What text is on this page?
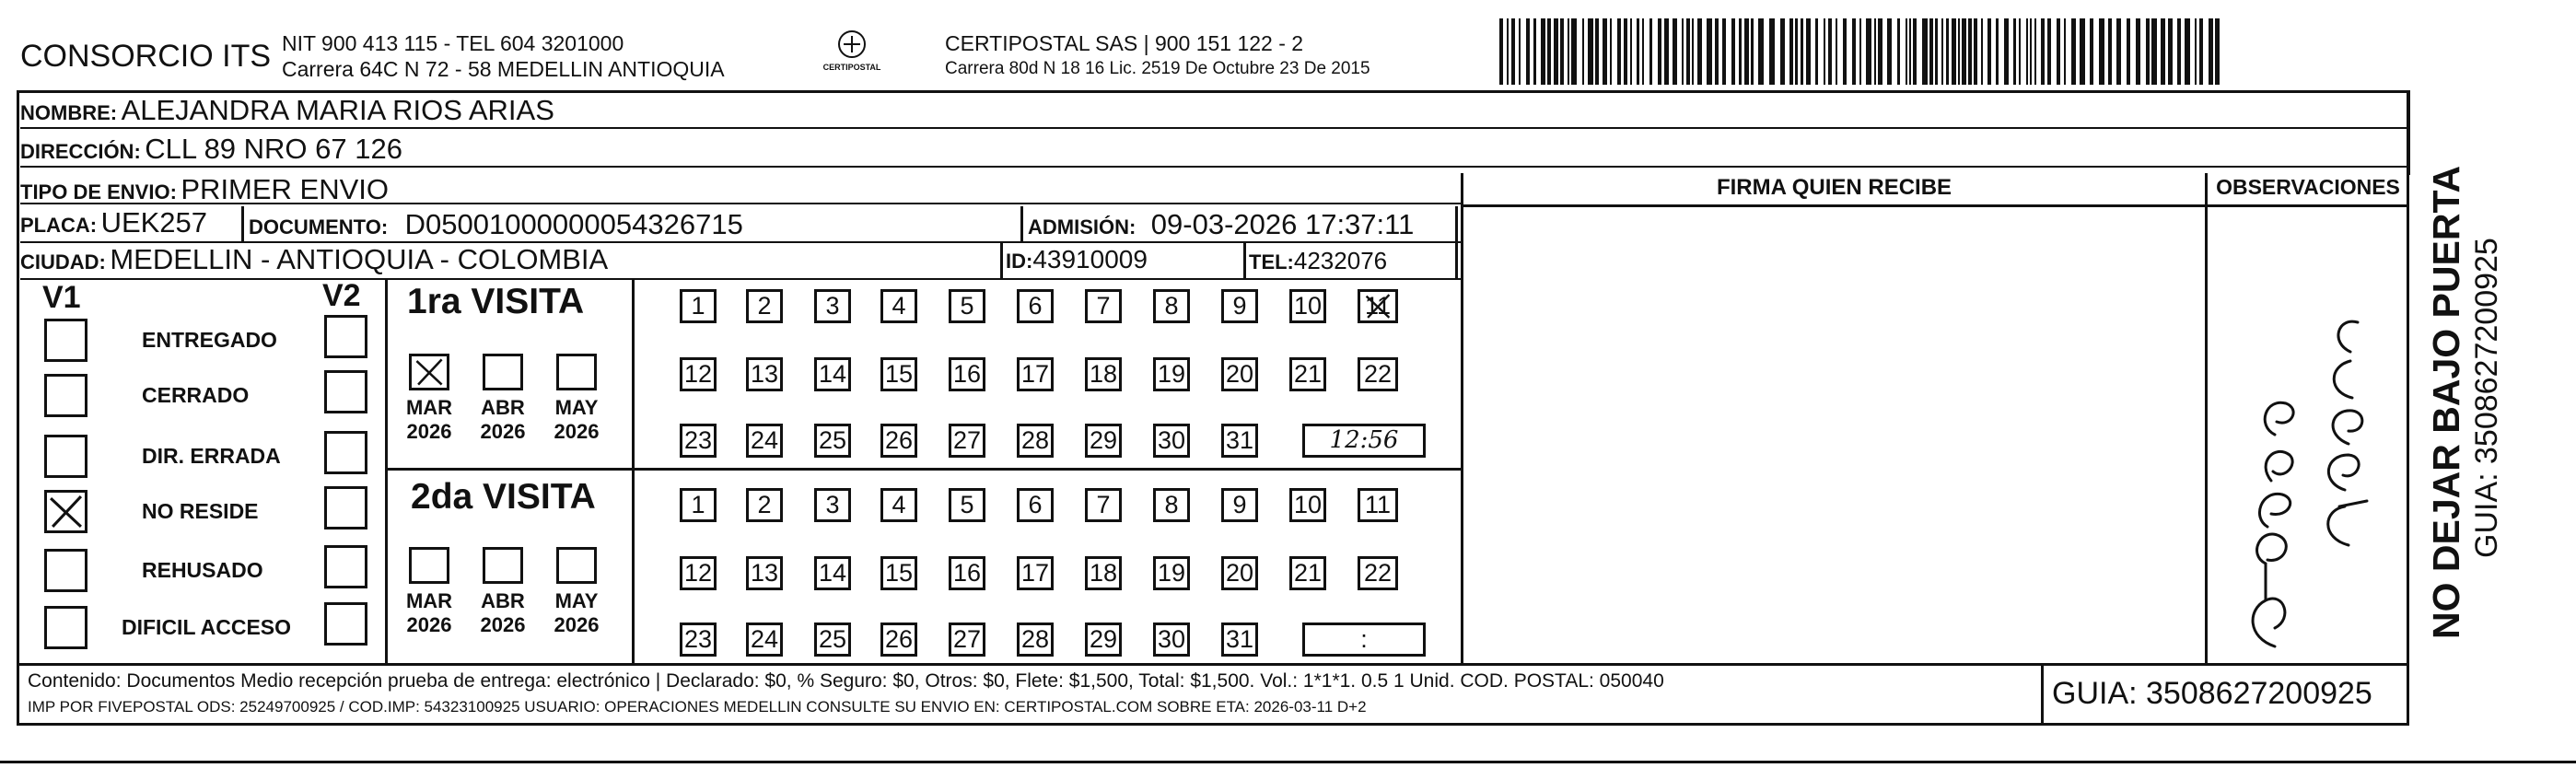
CONSORCIO ITS NIT 900 413 115 - TEL 604 3201000
Carrera 64C N 72 - 58 MEDELLIN ANTIOQUIA	CERTIPOSTAL
CERTIPOSTAL SAS | 900 151 122 - 2
Carrera 80d N 18 16 Lic. 2519 De Octubre 23 De 2015
NOMBRE: ALEJANDRA MARIA RIOS ARIAS
DIRECCIÓN: CLL 89 NRO 67 126
TIPO DE ENVIO: PRIMER ENVIO	FIRMA QUIEN RECIBE	OBSERVACIONES
PLACA: UEK257	DOCUMENTO: D05001000000054326715	ADMISIÓN: 09-03-2026 17:37:11
CIUDAD: MEDELLIN - ANTIOQUIA - COLOMBIA	ID:43910009	TEL:4232076
V1	V2 1ra VISITA
2da VISITA	NO DEJAR BAJO PUERTA GUIA: 3508627200925
Contenido: Documentos Medio recepción prueba de entrega: electrónico | Declarado: $0, % Seguro: $0, Otros: $0, Flete: $1,500, Total: $1,500. Vol.: 1*1*1. 0.5 1 Unid. COD. POSTAL: 050040
IMP POR FIVEPOSTAL ODS: 25249700925 / COD.IMP: 54323100925 USUARIO: OPERACIONES MEDELLIN CONSULTE SU ENVIO EN: CERTIPOSTAL.COM SOBRE ETA: 2026-03-11 D+2	GUIA: 3508627200925
ENTREGADO
CERRADO
DIR. ERRADA
NO RESIDE
REHUSADO
DIFICIL ACCESO
MAR
2026
ABR
2026
MAY
2026
MAR
2026
ABR
2026
MAY
2026
1	2	3	4	5	6	7	8	9	10 11
12 13 14 15 16 17 18 19 20 21 22
23 24 25 26 27 28 29 30 31	12:56
1	2	3	4	5	6	7	8	9	10 11
12 13 14 15 16 17 18 19 20 21 22
23 24 25 26 27 28 29 30 31	:
